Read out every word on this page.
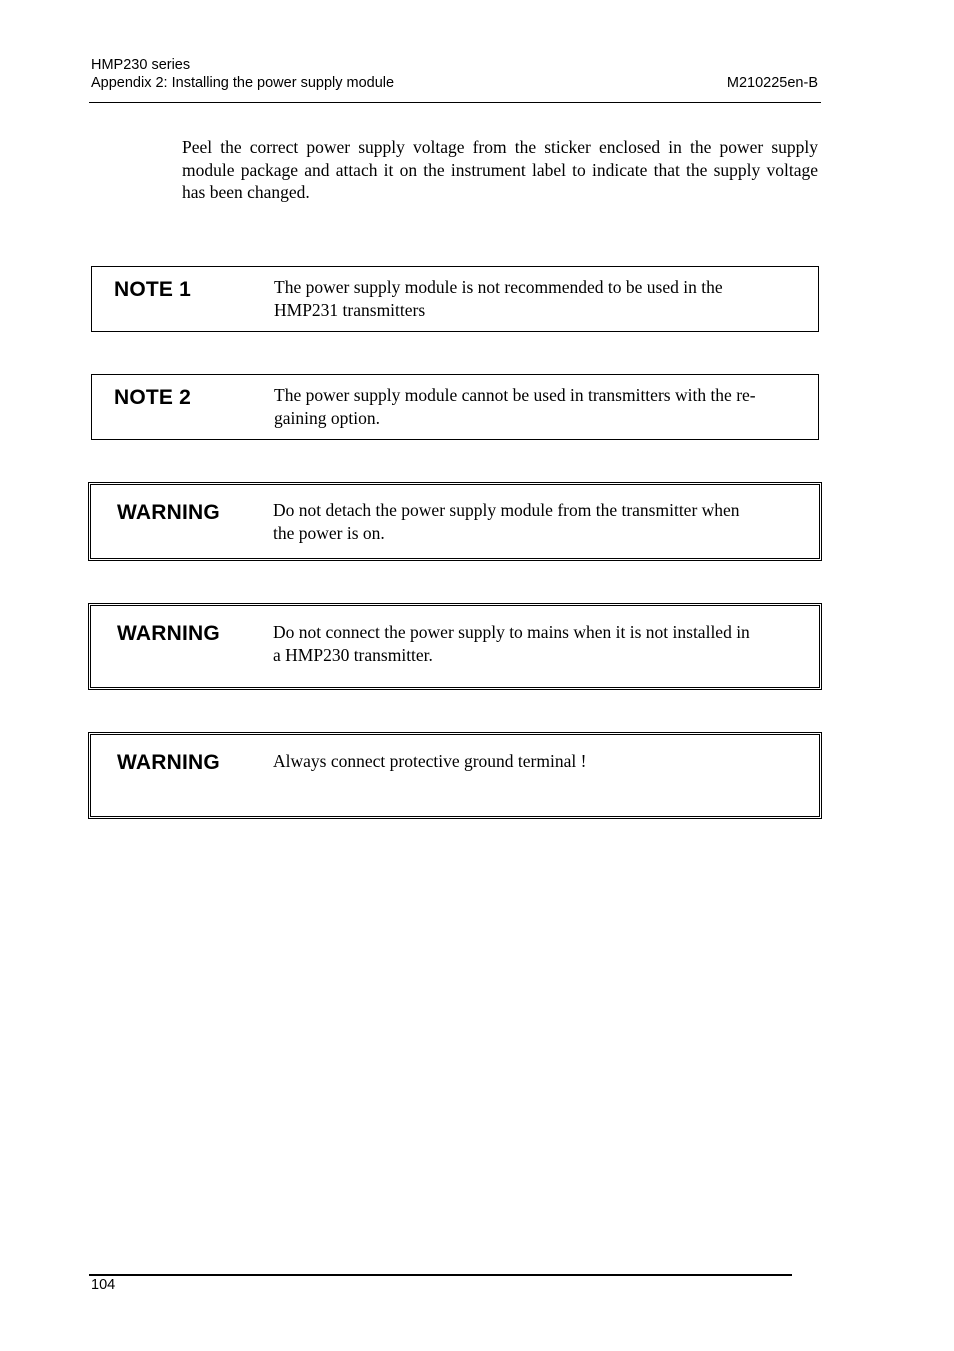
HMP230 series
Appendix 2: Installing the power supply module	M210225en-B

Peel the correct power supply voltage from the sticker enclosed in the power supply module package and attach it on the instrument label to indicate that the supply voltage has been changed.

NOTE 1	The power supply module is not recommended to be used in the
HMP231 transmitters

NOTE 2	The power supply module cannot be used in transmitters with the re-
gaining option.

WARNING	Do not detach the power supply module from the transmitter when
the power is on.

WARNING	Do not connect the power supply to mains when it is not installed in
a HMP230 transmitter.

WARNING	Always connect protective ground terminal !

104
